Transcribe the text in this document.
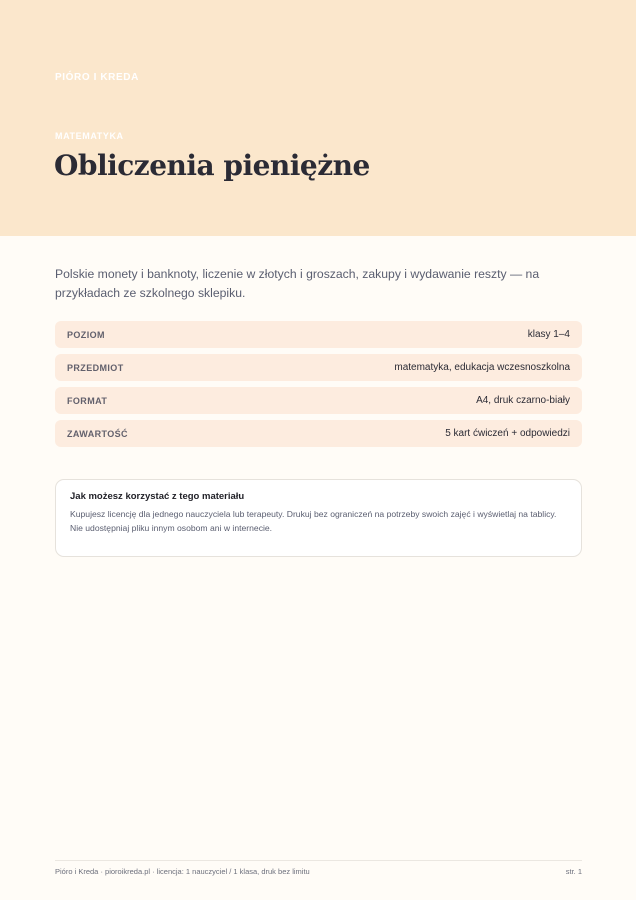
PIÓRO I KREDA
MATEMATYKA
Obliczenia pieniężne

Polskie monety i banknoty, liczenie w złotych i groszach, zakupy i wydawanie reszty — na przykładach ze szkolnego sklepiku.

POZIOM	klasy 1–4
PRZEDMIOT	matematyka, edukacja wczesnoszkolna
FORMAT	A4, druk czarno-biały
ZAWARTOŚĆ	5 kart ćwiczeń + odpowiedzi

Jak możesz korzystać z tego materiału

Kupujesz licencję dla jednego nauczyciela lub terapeuty. Drukuj bez ograniczeń na potrzeby swoich zajęć i wyświetlaj na tablicy. Nie udostępniaj pliku innym osobom ani w internecie.

Pióro i Kreda · pioroikreda.pl · licencja: 1 nauczyciel / 1 klasa, druk bez limitu	str. 1
